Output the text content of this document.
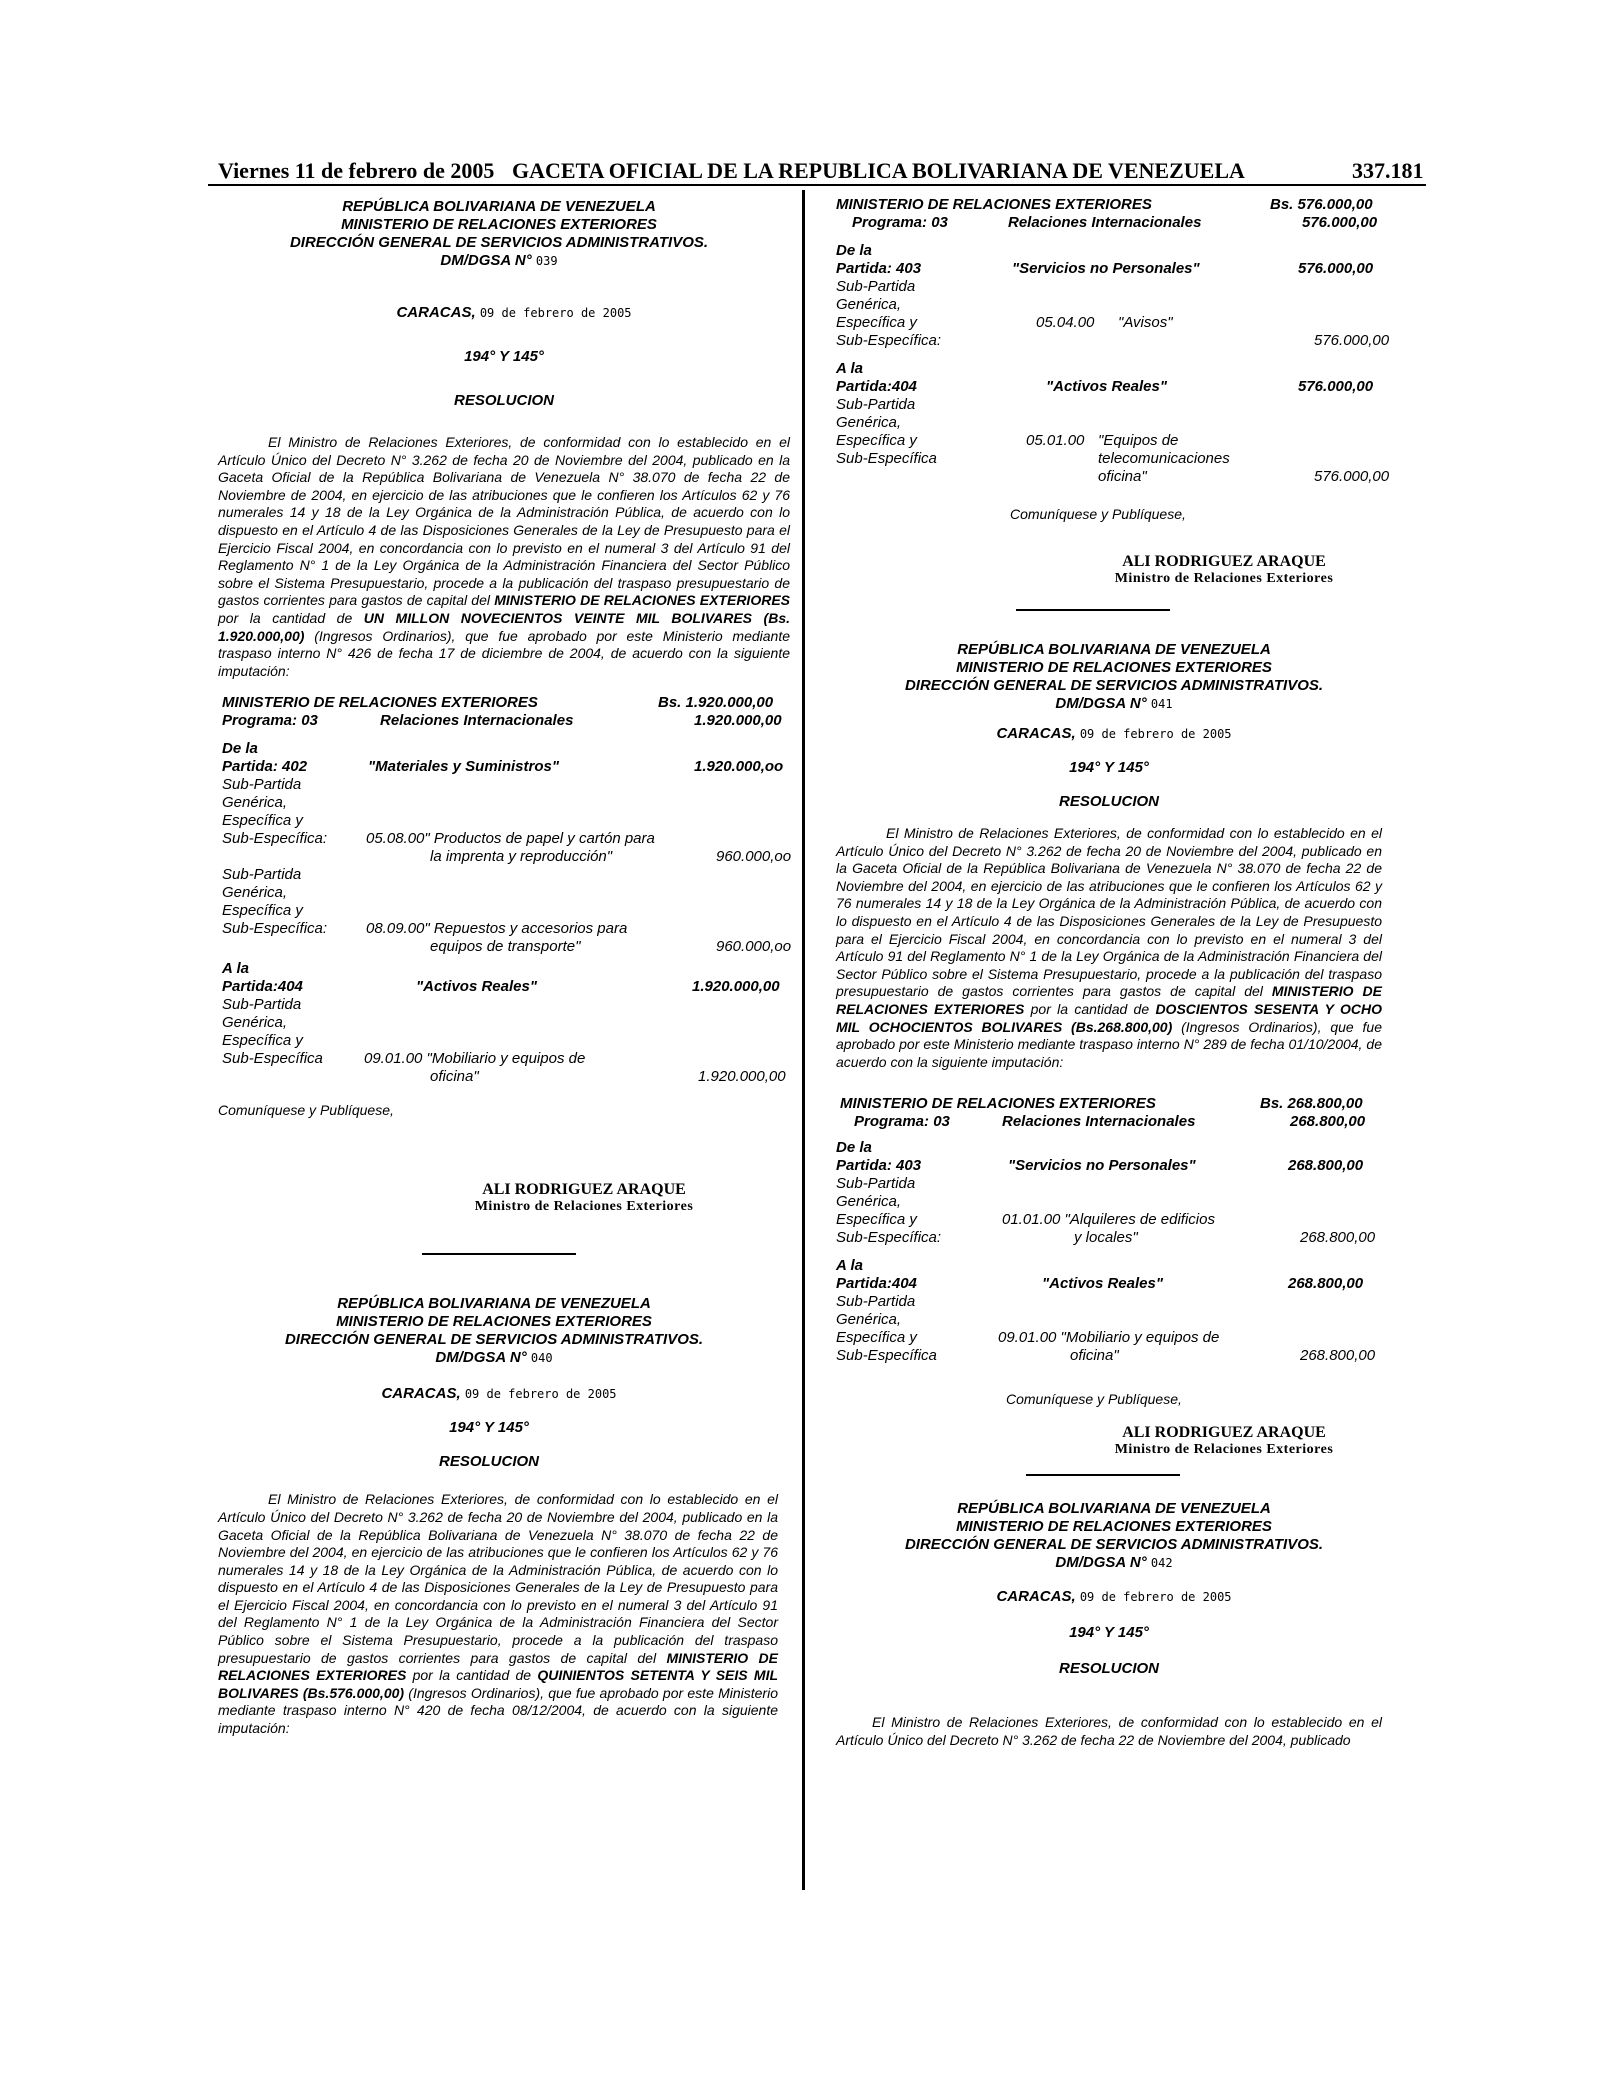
Viernes 11 de febrero de 2005 GACETA OFICIAL DE LA REPUBLICA BOLIVARIANA DE VENEZUELA	337.181
REPÚBLICA BOLIVARIANA DE VENEZUELA
MINISTERIO DE RELACIONES EXTERIORES
DIRECCIÓN GENERAL DE SERVICIOS ADMINISTRATIVOS.
DM/DGSA N° 039
CARACAS, 09 de febrero de 2005
194° Y 145°
RESOLUCION
El Ministro de Relaciones Exteriores, de conformidad con lo establecido en el Artículo Único del Decreto N° 3.262 de fecha 20 de Noviembre del 2004, publicado en la Gaceta Oficial de la República Bolivariana de Venezuela N° 38.070 de fecha 22 de Noviembre de 2004, en ejercicio de las atribuciones que le confieren los Artículos 62 y 76 numerales 14 y 18 de la Ley Orgánica de la Administración Pública, de acuerdo con lo dispuesto en el Artículo 4 de las Disposiciones Generales de la Ley de Presupuesto para el Ejercicio Fiscal 2004, en concordancia con lo previsto en el numeral 3 del Artículo 91 del Reglamento N° 1 de la Ley Orgánica de la Administración Financiera del Sector Público sobre el Sistema Presupuestario, procede a la publicación del traspaso presupuestario de gastos corrientes para gastos de capital del MINISTERIO DE RELACIONES EXTERIORES por la cantidad de UN MILLON NOVECIENTOS VEINTE MIL BOLIVARES (Bs. 1.920.000,00) (Ingresos Ordinarios), que fue aprobado por este Ministerio mediante traspaso interno N° 426 de fecha 17 de diciembre de 2004, de acuerdo con la siguiente imputación:
MINISTERIO DE RELACIONES EXTERIORES	Bs. 1.920.000,00
Programa: 03	Relaciones Internacionales	1.920.000,00
De la
Partida: 402	"Materiales y Suministros"	1.920.000,oo
Sub-Partida
Genérica,
Específica y
Sub-Específica:	05.08.00" Productos de papel y cartón para
la imprenta y reproducción"	960.000,oo
Sub-Partida
Genérica,
Específica y
Sub-Específica:	08.09.00" Repuestos y accesorios para
equipos de transporte"	960.000,oo
A la
Partida:404	"Activos Reales"	1.920.000,00
Sub-Partida
Genérica,
Específica y
Sub-Específica	09.01.00 "Mobiliario y equipos de
oficina"	1.920.000,00
Comuníquese y Publíquese,
ALI RODRIGUEZ ARAQUE
Ministro de Relaciones Exteriores
REPÚBLICA BOLIVARIANA DE VENEZUELA
MINISTERIO DE RELACIONES EXTERIORES
DIRECCIÓN GENERAL DE SERVICIOS ADMINISTRATIVOS.
DM/DGSA N° 040
CARACAS, 09 de febrero de 2005
194° Y 145°
RESOLUCION
El Ministro de Relaciones Exteriores, de conformidad con lo establecido en el Artículo Único del Decreto N° 3.262 de fecha 20 de Noviembre del 2004, publicado en la Gaceta Oficial de la República Bolivariana de Venezuela N° 38.070 de fecha 22 de Noviembre del 2004, en ejercicio de las atribuciones que le confieren los Artículos 62 y 76 numerales 14 y 18 de la Ley Orgánica de la Administración Pública, de acuerdo con lo dispuesto en el Artículo 4 de las Disposiciones Generales de la Ley de Presupuesto para el Ejercicio Fiscal 2004, en concordancia con lo previsto en el numeral 3 del Artículo 91 del Reglamento N° 1 de la Ley Orgánica de la Administración Financiera del Sector Público sobre el Sistema Presupuestario, procede a la publicación del traspaso presupuestario de gastos corrientes para gastos de capital del MINISTERIO DE RELACIONES EXTERIORES por la cantidad de QUINIENTOS SETENTA Y SEIS MIL BOLIVARES (Bs.576.000,00) (Ingresos Ordinarios), que fue aprobado por este Ministerio mediante traspaso interno N° 420 de fecha 08/12/2004, de acuerdo con la siguiente imputación:
MINISTERIO DE RELACIONES EXTERIORES	Bs. 576.000,00
Programa: 03	Relaciones Internacionales	576.000,00
De la
Partida: 403	"Servicios no Personales"	576.000,00
Sub-Partida
Genérica,
Específica y	05.04.00 "Avisos"
Sub-Específica:	576.000,00
A la
Partida:404	"Activos Reales"	576.000,00
Sub-Partida
Genérica,
Específica y	05.01.00 "Equipos de
Sub-Específica	telecomunicaciones
oficina"	576.000,00
Comuníquese y Publíquese,
ALI RODRIGUEZ ARAQUE
Ministro de Relaciones Exteriores
REPÚBLICA BOLIVARIANA DE VENEZUELA
MINISTERIO DE RELACIONES EXTERIORES
DIRECCIÓN GENERAL DE SERVICIOS ADMINISTRATIVOS.
DM/DGSA N° 041
CARACAS, 09 de febrero de 2005
194° Y 145°
RESOLUCION
El Ministro de Relaciones Exteriores, de conformidad con lo establecido en el Artículo Único del Decreto N° 3.262 de fecha 20 de Noviembre del 2004, publicado en la Gaceta Oficial de la República Bolivariana de Venezuela N° 38.070 de fecha 22 de Noviembre del 2004, en ejercicio de las atribuciones que le confieren los Artículos 62 y 76 numerales 14 y 18 de la Ley Orgánica de la Administración Pública, de acuerdo con lo dispuesto en el Artículo 4 de las Disposiciones Generales de la Ley de Presupuesto para el Ejercicio Fiscal 2004, en concordancia con lo previsto en el numeral 3 del Artículo 91 del Reglamento N° 1 de la Ley Orgánica de la Administración Financiera del Sector Público sobre el Sistema Presupuestario, procede a la publicación del traspaso presupuestario de gastos corrientes para gastos de capital del MINISTERIO DE RELACIONES EXTERIORES por la cantidad de DOSCIENTOS SESENTA Y OCHO MIL OCHOCIENTOS BOLIVARES (Bs.268.800,00) (Ingresos Ordinarios), que fue aprobado por este Ministerio mediante traspaso interno N° 289 de fecha 01/10/2004, de acuerdo con la siguiente imputación:
MINISTERIO DE RELACIONES EXTERIORES	Bs. 268.800,00
Programa: 03	Relaciones Internacionales	268.800,00
De la
Partida: 403	"Servicios no Personales"	268.800,00
Sub-Partida
Genérica,
Específica y	01.01.00 "Alquileres de edificios
Sub-Específica:	y locales"	268.800,00
A la
Partida:404	"Activos Reales"	268.800,00
Sub-Partida
Genérica,
Específica y	09.01.00 "Mobiliario y equipos de
Sub-Específica	oficina"	268.800,00
Comuníquese y Publíquese,
ALI RODRIGUEZ ARAQUE
Ministro de Relaciones Exteriores
REPÚBLICA BOLIVARIANA DE VENEZUELA
MINISTERIO DE RELACIONES EXTERIORES
DIRECCIÓN GENERAL DE SERVICIOS ADMINISTRATIVOS.
DM/DGSA N° 042
CARACAS, 09 de febrero de 2005
194° Y 145°
RESOLUCION
El Ministro de Relaciones Exteriores, de conformidad con lo establecido en el Artículo Único del Decreto N° 3.262 de fecha 22 de Noviembre del 2004, publicado
